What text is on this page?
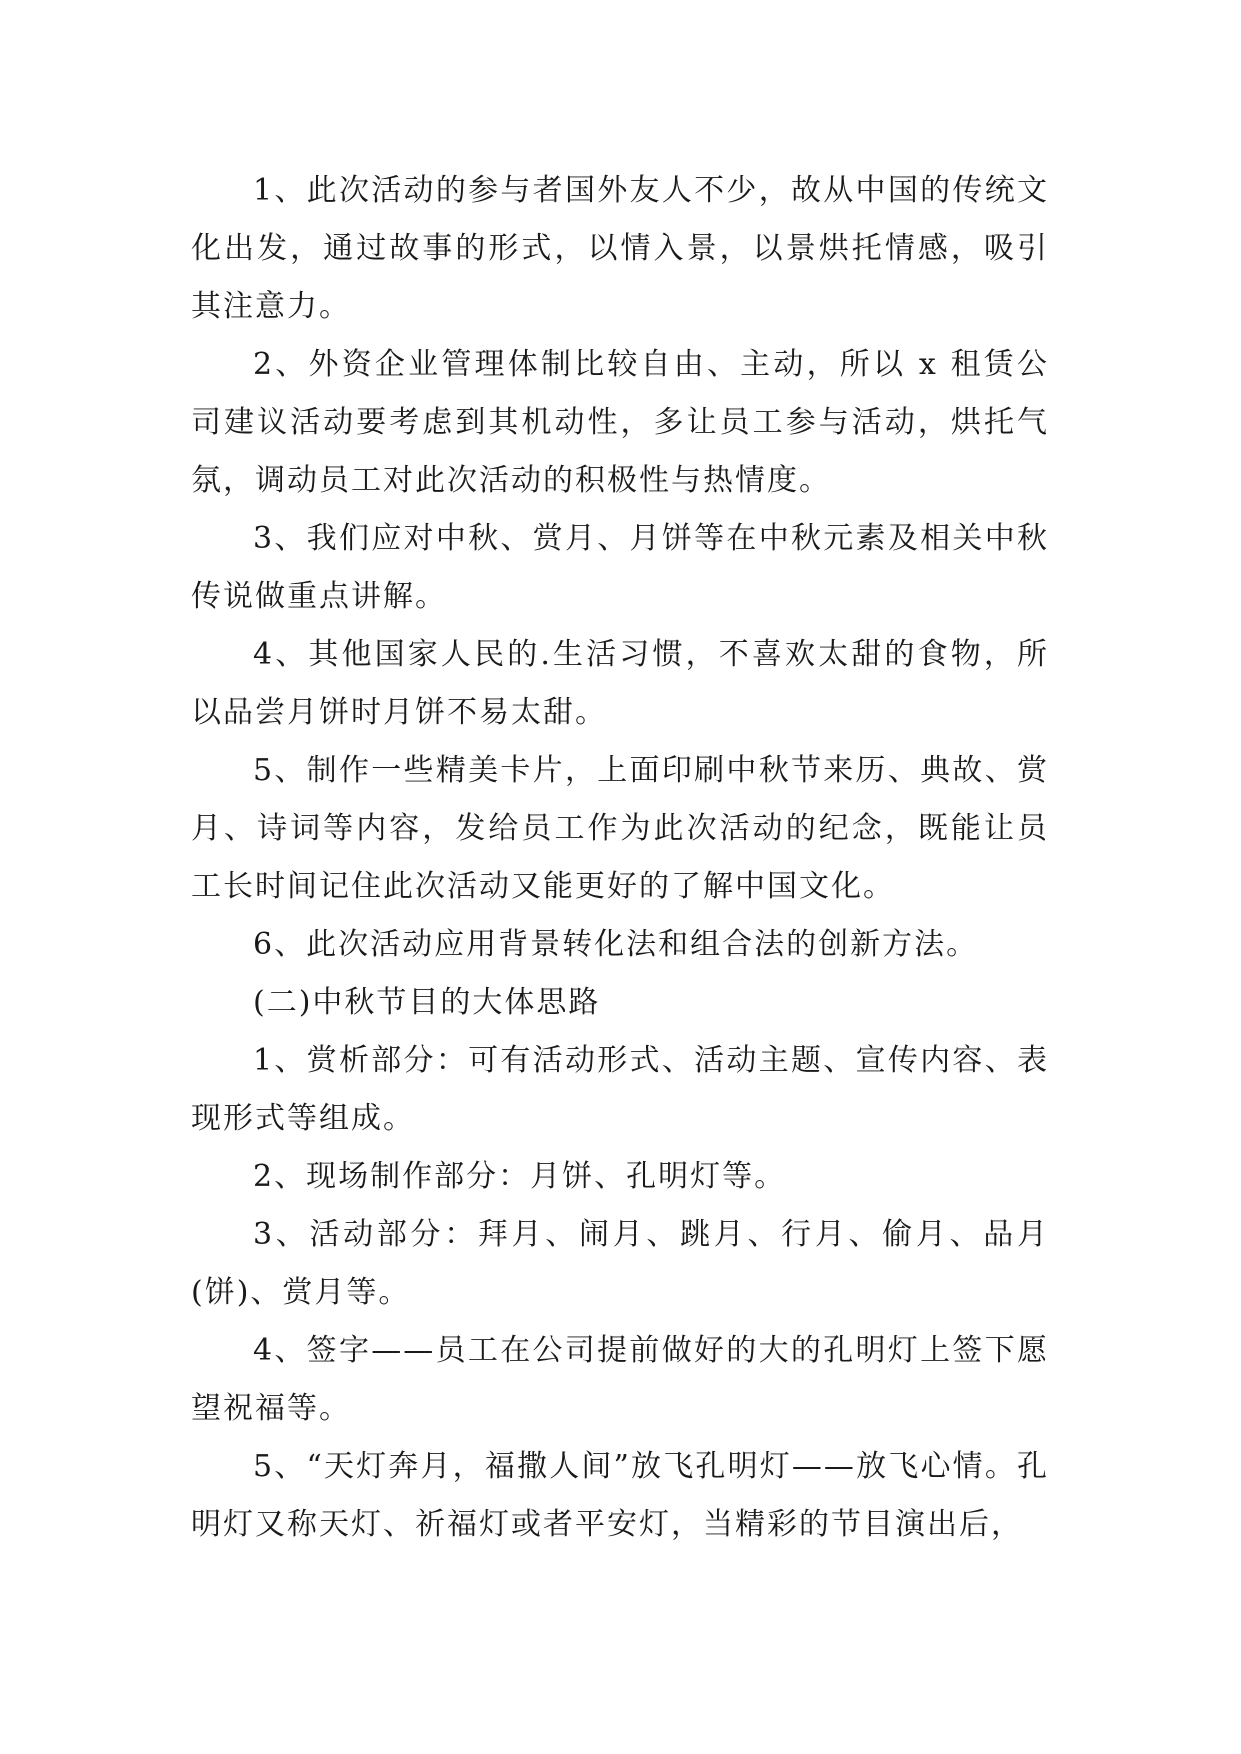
1、此次活动的参与者国外友人不少，故从中国的传统文化出发，通过故事的形式，以情入景，以景烘托情感，吸引其注意力。

2、外资企业管理体制比较自由、主动，所以 x 租赁公司建议活动要考虑到其机动性，多让员工参与活动，烘托气氛，调动员工对此次活动的积极性与热情度。

3、我们应对中秋、赏月、月饼等在中秋元素及相关中秋传说做重点讲解。

4、其他国家人民的.生活习惯，不喜欢太甜的食物，所以品尝月饼时月饼不易太甜。

5、制作一些精美卡片，上面印刷中秋节来历、典故、赏月、诗词等内容，发给员工作为此次活动的纪念，既能让员工长时间记住此次活动又能更好的了解中国文化。

6、此次活动应用背景转化法和组合法的创新方法。

(二)中秋节目的大体思路

1、赏析部分：可有活动形式、活动主题、宣传内容、表现形式等组成。

2、现场制作部分：月饼、孔明灯等。

3、活动部分：拜月、闹月、跳月、行月、偷月、品月(饼)、赏月等。

4、签字——员工在公司提前做好的大的孔明灯上签下愿望祝福等。

5、“天灯奔月，福撒人间”放飞孔明灯——放飞心情。孔明灯又称天灯、祈福灯或者平安灯，当精彩的节目演出后，
